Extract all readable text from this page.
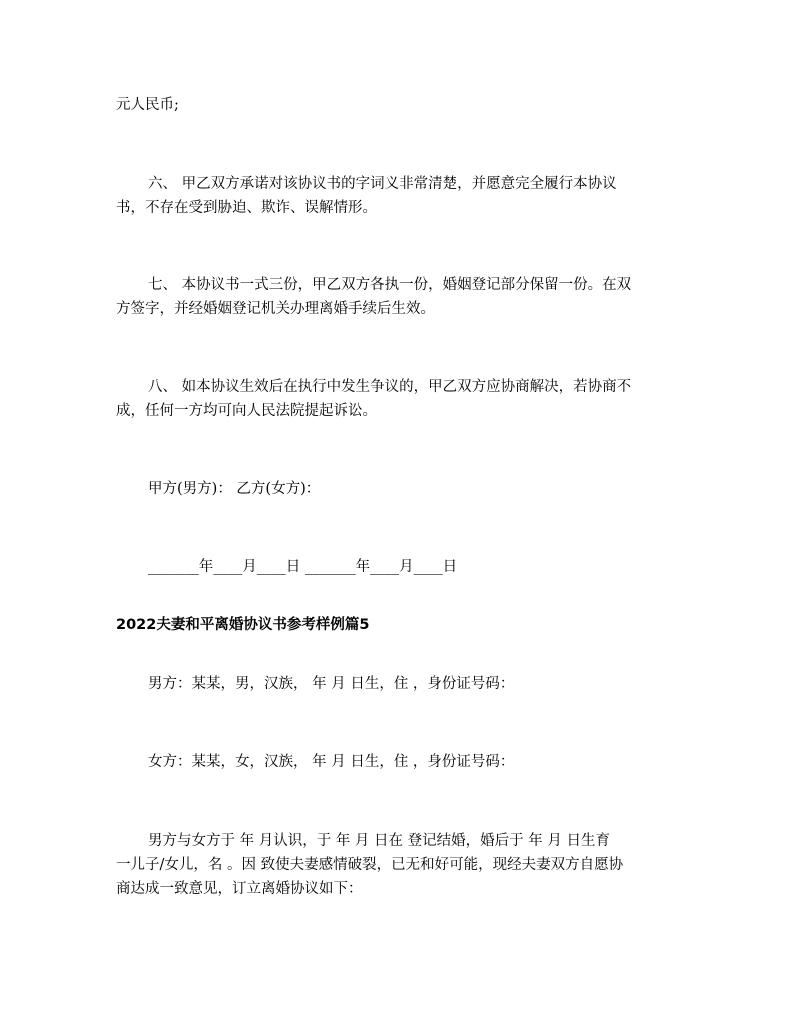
元人民币;
六、 甲乙双方承诺对该协议书的字词义非常清楚，并愿意完全履行本协议
书，不存在受到胁迫、欺诈、误解情形。
七、 本协议书一式三份，甲乙双方各执一份，婚姻登记部分保留一份。在双
方签字，并经婚姻登记机关办理离婚手续后生效。
八、 如本协议生效后在执行中发生争议的，甲乙双方应协商解决，若协商不
成，任何一方均可向人民法院提起诉讼。
甲方(男方)： 乙方(女方)：
_______年____月____日 _______年____月____日
2022夫妻和平离婚协议书参考样例篇5
男方：某某，男，汉族， 年 月 日生，住 ，身份证号码：
女方：某某，女，汉族， 年 月 日生，住 ，身份证号码：
男方与女方于 年 月认识，于 年 月 日在 登记结婚，婚后于 年 月 日生育
一儿子/女儿，名 。因 致使夫妻感情破裂，已无和好可能，现经夫妻双方自愿协
商达成一致意见，订立离婚协议如下：
